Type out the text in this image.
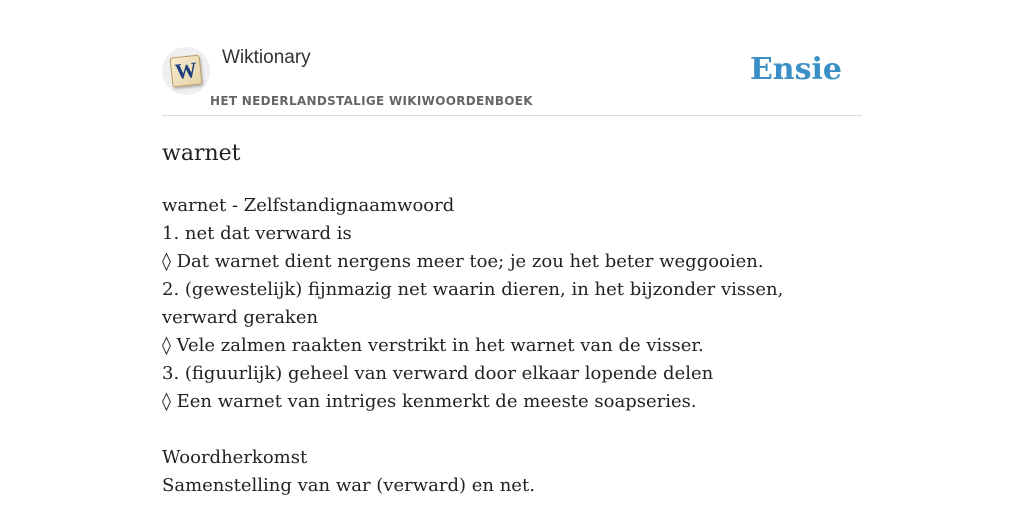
W Wiktionary
HET NEDERLANDSTALIGE WIKIWOORDENBOEK
Ensie
warnet
warnet - Zelfstandignaamwoord
1. net dat verward is
◊ Dat warnet dient nergens meer toe; je zou het beter weggooien.
2. (gewestelijk) fijnmazig net waarin dieren, in het bijzonder vissen, verward geraken
◊ Vele zalmen raakten verstrikt in het warnet van de visser.
3. (figuurlijk) geheel van verward door elkaar lopende delen
◊ Een warnet van intriges kenmerkt de meeste soapseries.
Woordherkomst
Samenstelling van war (verward) en net.
